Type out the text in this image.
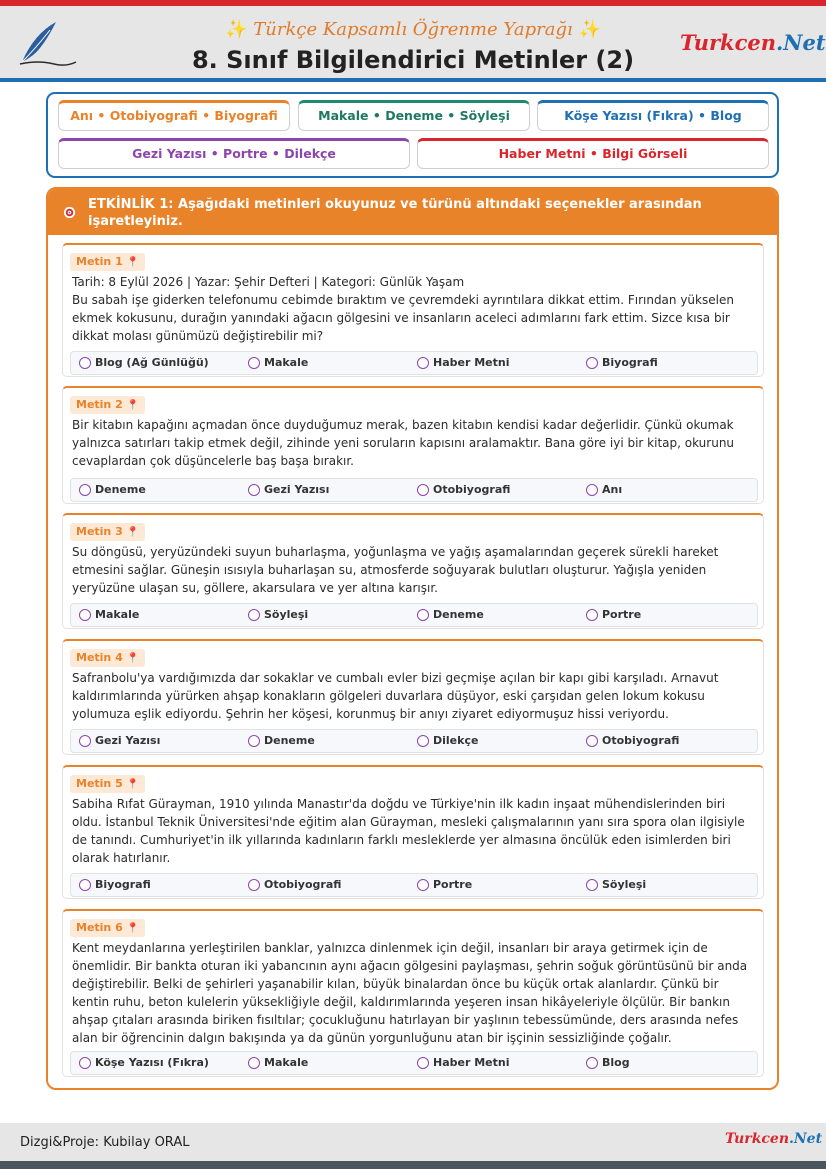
✨ Türkçe Kapsamlı Öğrenme Yaprağı ✨
8. Sınıf Bilgilendirici Metinler (2)
Turkcen.Net
Anı • Otobiyografi • Biyografi	Makale • Deneme • Söyleşi	Köşe Yazısı (Fıkra) • Blog
Gezi Yazısı • Portre • Dilekçe	Haber Metni • Bilgi Görseli
ETKİNLİK 1: Aşağıdaki metinleri okuyunuz ve türünü altındaki seçenekler arasından işaretleyiniz.
Metin 1 📍
Tarih: 8 Eylül 2026 | Yazar: Şehir Defteri | Kategori: Günlük Yaşam
Bu sabah işe giderken telefonumu cebimde bıraktım ve çevremdeki ayrıntılara dikkat ettim. Fırından yükselen ekmek kokusunu, durağın yanındaki ağacın gölgesini ve insanların aceleci adımlarını fark ettim. Sizce kısa bir dikkat molası günümüzü değiştirebilir mi?
Blog (Ağ Günlüğü)	Makale	Haber Metni	Biyografi
Metin 2 📍
Bir kitabın kapağını açmadan önce duyduğumuz merak, bazen kitabın kendisi kadar değerlidir. Çünkü okumak yalnızca satırları takip etmek değil, zihinde yeni soruların kapısını aralamaktır. Bana göre iyi bir kitap, okurunu cevaplardan çok düşüncelerle baş başa bırakır.
Deneme	Gezi Yazısı	Otobiyografi	Anı
Metin 3 📍
Su döngüsü, yeryüzündeki suyun buharlaşma, yoğunlaşma ve yağış aşamalarından geçerek sürekli hareket etmesini sağlar. Güneşin ısısıyla buharlaşan su, atmosferde soğuyarak bulutları oluşturur. Yağışla yeniden yeryüzüne ulaşan su, göllere, akarsulara ve yer altına karışır.
Makale	Söyleşi	Deneme	Portre
Metin 4 📍
Safranbolu'ya vardığımızda dar sokaklar ve cumbalı evler bizi geçmişe açılan bir kapı gibi karşıladı. Arnavut kaldırımlarında yürürken ahşap konakların gölgeleri duvarlara düşüyor, eski çarşıdan gelen lokum kokusu yolumuza eşlik ediyordu. Şehrin her köşesi, korunmuş bir anıyı ziyaret ediyormuşuz hissi veriyordu.
Gezi Yazısı	Deneme	Dilekçe	Otobiyografi
Metin 5 📍
Sabiha Rıfat Gürayman, 1910 yılında Manastır'da doğdu ve Türkiye'nin ilk kadın inşaat mühendislerinden biri oldu. İstanbul Teknik Üniversitesi'nde eğitim alan Gürayman, mesleki çalışmalarının yanı sıra spora olan ilgisiyle de tanındı. Cumhuriyet'in ilk yıllarında kadınların farklı mesleklerde yer almasına öncülük eden isimlerden biri olarak hatırlanır.
Biyografi	Otobiyografi	Portre	Söyleşi
Metin 6 📍
Kent meydanlarına yerleştirilen banklar, yalnızca dinlenmek için değil, insanları bir araya getirmek için de önemlidir. Bir bankta oturan iki yabancının aynı ağacın gölgesini paylaşması, şehrin soğuk görüntüsünü bir anda değiştirebilir. Belki de şehirleri yaşanabilir kılan, büyük binalardan önce bu küçük ortak alanlardır. Çünkü bir kentin ruhu, beton kulelerin yüksekliğiyle değil, kaldırımlarında yeşeren insan hikâyeleriyle ölçülür. Bir bankın ahşap çıtaları arasında biriken fısıltılar; çocukluğunu hatırlayan bir yaşlının tebessümünde, ders arasında nefes alan bir öğrencinin dalgın bakışında ya da günün yorgunluğunu atan bir işçinin sessizliğinde çoğalır.
Köşe Yazısı (Fıkra)	Makale	Haber Metni	Blog
Dizgi&Proje: Kubilay ORAL	Turkcen.Net
